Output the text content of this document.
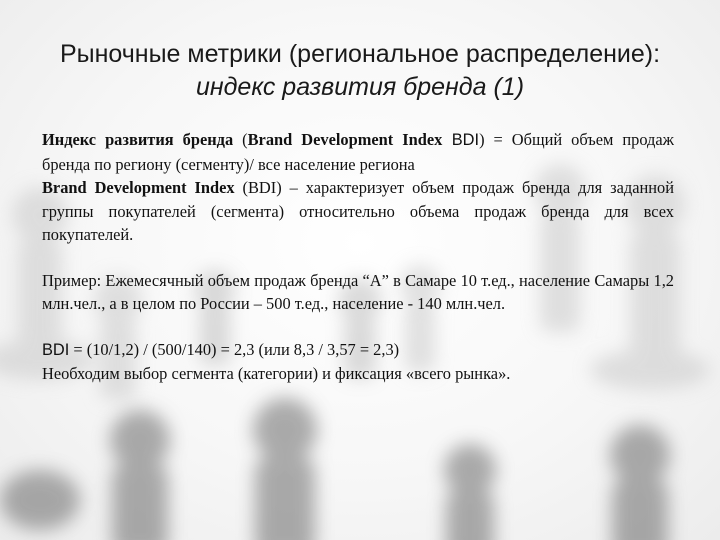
Рыночные метрики (региональное распределение):
индекс развития бренда (1)

Индекс развития бренда (Brand Development Index BDI) = Общий объем продаж бренда по региону (сегменту)/ все население региона

Brand Development Index (BDI) – характеризует объем продаж бренда для заданной группы покупателей (сегмента) относительно объема продаж бренда для всех покупателей.

Пример: Ежемесячный объем продаж бренда “А” в Самаре 10 т.ед., население Самары 1,2 млн.чел., а в целом по России – 500 т.ед., население - 140 млн.чел.

BDI = (10/1,2) / (500/140) = 2,3 (или 8,3 / 3,57 = 2,3)

Необходим выбор сегмента (категории) и фиксация «всего рынка».
